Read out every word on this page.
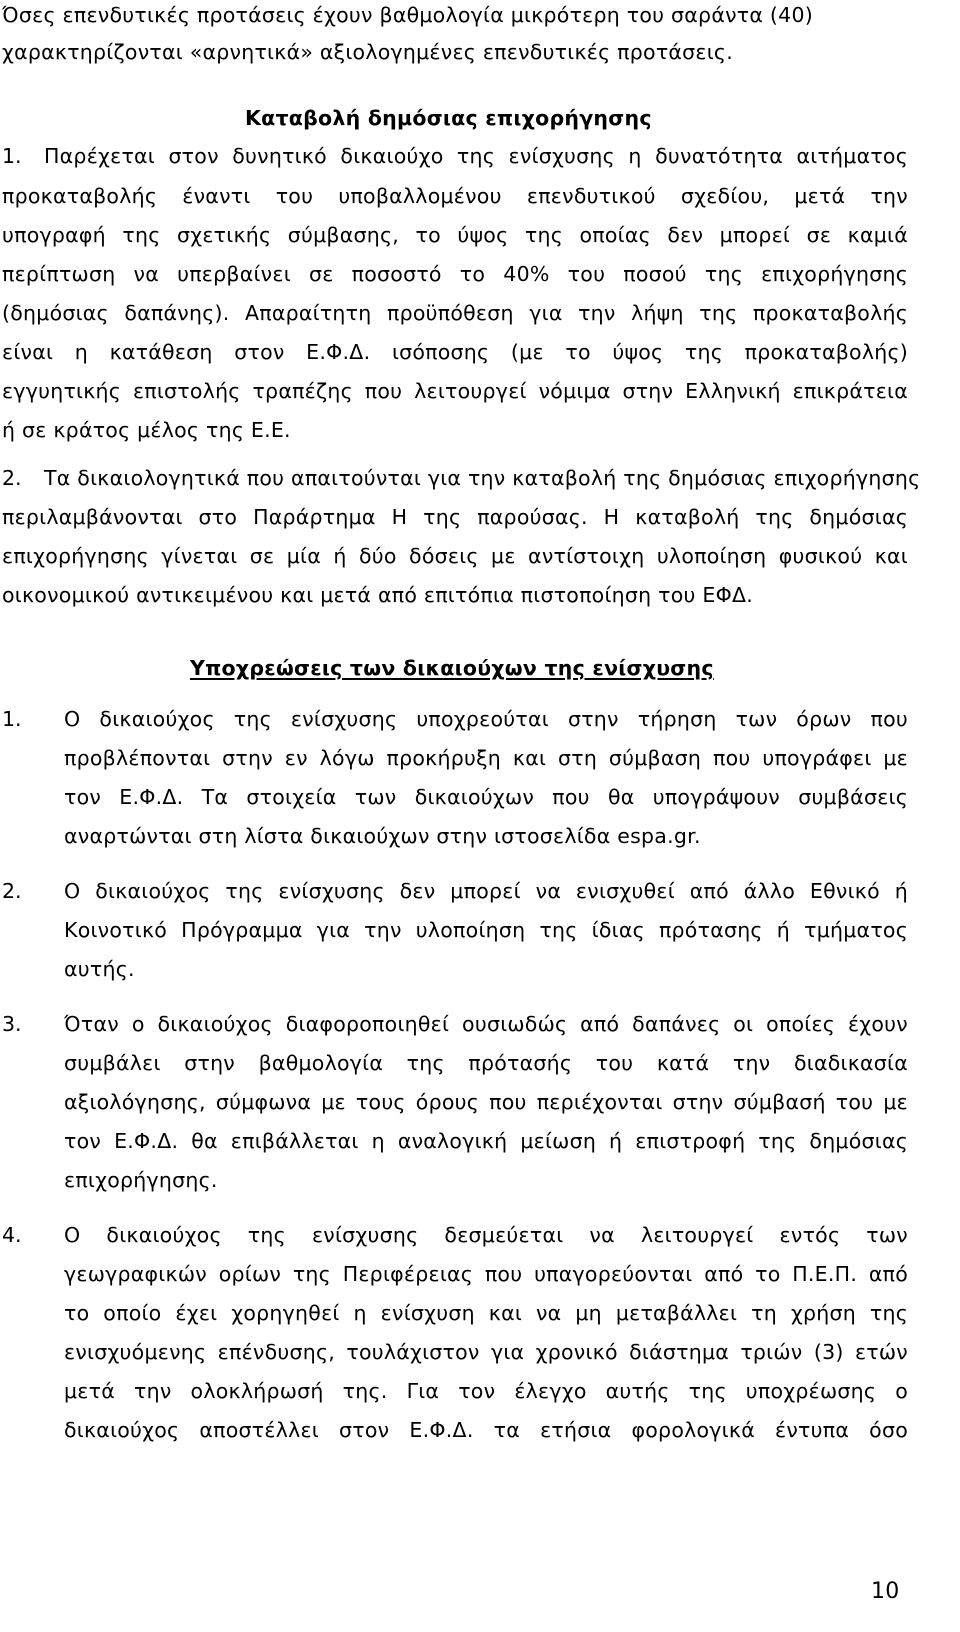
Όσες επενδυτικές προτάσεις έχουν βαθμολογία μικρότερη του σαράντα (40)
χαρακτηρίζονται «αρνητικά» αξιολογημένες επενδυτικές προτάσεις.
Καταβολή δημόσιας επιχορήγησης
1. Παρέχεται στον δυνητικό δικαιούχο της ενίσχυσης η δυνατότητα αιτήματος
προκαταβολής έναντι του υποβαλλομένου επενδυτικού σχεδίου, μετά την
υπογραφή της σχετικής σύμβασης, το ύψος της οποίας δεν μπορεί σε καμιά
περίπτωση να υπερβαίνει σε ποσοστό το 40% του ποσού της επιχορήγησης
(δημόσιας δαπάνης). Απαραίτητη προϋπόθεση για την λήψη της προκαταβολής
είναι η κατάθεση στον Ε.Φ.Δ. ισόποσης (με το ύψος της προκαταβολής)
εγγυητικής επιστολής τραπέζης που λειτουργεί νόμιμα στην Ελληνική επικράτεια
ή σε κράτος μέλος της Ε.Ε.
2. Τα δικαιολογητικά που απαιτούνται για την καταβολή της δημόσιας επιχορήγησης
περιλαμβάνονται στο Παράρτημα Η της παρούσας. Η καταβολή της δημόσιας
επιχορήγησης γίνεται σε μία ή δύο δόσεις με αντίστοιχη υλοποίηση φυσικού και
οικονομικού αντικειμένου και μετά από επιτόπια πιστοποίηση του ΕΦΔ.
Υποχρεώσεις των δικαιούχων της ενίσχυσης
1. Ο δικαιούχος της ενίσχυσης υποχρεούται στην τήρηση των όρων που
προβλέπονται στην εν λόγω προκήρυξη και στη σύμβαση που υπογράφει με
τον Ε.Φ.Δ. Τα στοιχεία των δικαιούχων που θα υπογράψουν συμβάσεις
αναρτώνται στη λίστα δικαιούχων στην ιστοσελίδα espa.gr.
2. Ο δικαιούχος της ενίσχυσης δεν μπορεί να ενισχυθεί από άλλο Εθνικό ή
Κοινοτικό Πρόγραμμα για την υλοποίηση της ίδιας πρότασης ή τμήματος
αυτής.
3. Όταν ο δικαιούχος διαφοροποιηθεί ουσιωδώς από δαπάνες οι οποίες έχουν
συμβάλει στην βαθμολογία της πρότασής του κατά την διαδικασία
αξιολόγησης, σύμφωνα με τους όρους που περιέχονται στην σύμβασή του με
τον Ε.Φ.Δ. θα επιβάλλεται η αναλογική μείωση ή επιστροφή της δημόσιας
επιχορήγησης.
4. Ο δικαιούχος της ενίσχυσης δεσμεύεται να λειτουργεί εντός των
γεωγραφικών ορίων της Περιφέρειας που υπαγορεύονται από το Π.Ε.Π. από
το οποίο έχει χορηγηθεί η ενίσχυση και να μη μεταβάλλει τη χρήση της
ενισχυόμενης επένδυσης, τουλάχιστον για χρονικό διάστημα τριών (3) ετών
μετά την ολοκλήρωσή της. Για τον έλεγχο αυτής της υποχρέωσης ο
δικαιούχος αποστέλλει στον Ε.Φ.Δ. τα ετήσια φορολογικά έντυπα όσο
10
